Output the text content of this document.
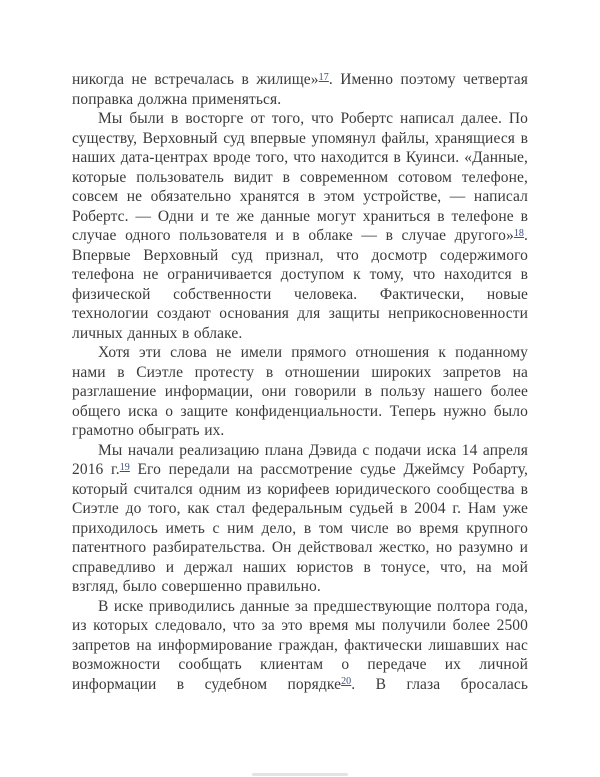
никогда не встречалась в жилище»$^{17}$. Именно поэтому четвертая поправка должна применяться.

Мы были в восторге от того, что Робертс написал далее. По существу, Верховный суд впервые упомянул файлы, хранящиеся в наших дата-центрах вроде того, что находится в Куинси. «Данные, которые пользователь видит в современном сотовом телефоне, совсем не обязательно хранятся в этом устройстве, — написал Робертс. — Одни и те же данные могут храниться в телефоне в случае одного пользователя и в облаке — в случае другого»$^{18}$. Впервые Верховный суд признал, что досмотр содержимого телефона не ограничивается доступом к тому, что находится в физической собственности человека. Фактически, новые технологии создают основания для защиты неприкосновенности личных данных в облаке.

Хотя эти слова не имели прямого отношения к поданному нами в Сиэтле протесту в отношении широких запретов на разглашение информации, они говорили в пользу нашего более общего иска о защите конфиденциальности. Теперь нужно было грамотно обыграть их.

Мы начали реализацию плана Дэвида с подачи иска 14 апреля 2016 г.$^{19}$ Его передали на рассмотрение судье Джеймсу Робарту, который считался одним из корифеев юридического сообщества в Сиэтле до того, как стал федеральным судьей в 2004 г. Нам уже приходилось иметь с ним дело, в том числе во время крупного патентного разбирательства. Он действовал жестко, но разумно и справедливо и держал наших юристов в тонусе, что, на мой взгляд, было совершенно правильно.

В иске приводились данные за предшествующие полтора года, из которых следовало, что за это время мы получили более 2500 запретов на информирование граждан, фактически лишавших нас возможности сообщать клиентам о передаче их личной информации в судебном порядке$^{20}$. В глаза бросалась
